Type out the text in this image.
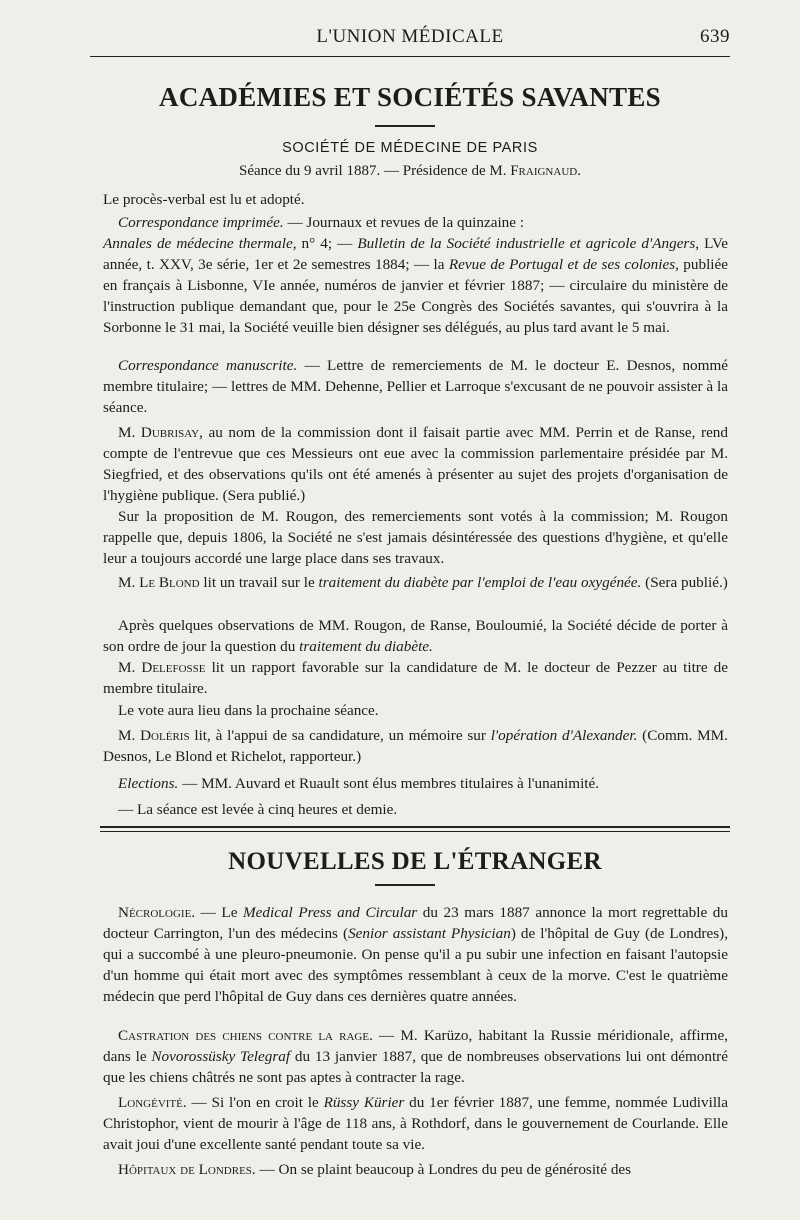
L'UNION MÉDICALE	639
ACADÉMIES ET SOCIÉTÉS SAVANTES
SOCIÉTÉ DE MÉDECINE DE PARIS
Séance du 9 avril 1887. — Présidence de M. Fraignaud.
Le procès-verbal est lu et adopté.
Correspondance imprimée. — Journaux et revues de la quinzaine :
Annales de médecine thermale, n° 4; — Bulletin de la Société industrielle et agricole d'Angers, LVe année, t. XXV, 3e série, 1er et 2e semestres 1884; — la Revue de Portugal et de ses colonies, publiée en français à Lisbonne, VIe année, numéros de janvier et février 1887; — circulaire du ministère de l'instruction publique demandant que, pour le 25e Congrès des Sociétés savantes, qui s'ouvrira à la Sorbonne le 31 mai, la Société veuille bien désigner ses délégués, au plus tard avant le 5 mai.
Correspondance manuscrite. — Lettre de remerciements de M. le docteur E. Desnos, nommé membre titulaire; — lettres de MM. Dehenne, Pellier et Larroque s'excusant de ne pouvoir assister à la séance.
M. Dubrisay, au nom de la commission dont il faisait partie avec MM. Perrin et de Ranse, rend compte de l'entrevue que ces Messieurs ont eue avec la commission parlementaire présidée par M. Siegfried, et des observations qu'ils ont été amenés à présenter au sujet des projets d'organisation de l'hygiène publique. (Sera publié.)
Sur la proposition de M. Rougon, des remerciements sont votés à la commission; M. Rougon rappelle que, depuis 1806, la Société ne s'est jamais désintéressée des questions d'hygiène, et qu'elle leur a toujours accordé une large place dans ses travaux.
M. Le Blond lit un travail sur le traitement du diabète par l'emploi de l'eau oxygénée. (Sera publié.)
Après quelques observations de MM. Rougon, de Ranse, Bouloumié, la Société décide de porter à son ordre de jour la question du traitement du diabète.
M. Delefosse lit un rapport favorable sur la candidature de M. le docteur de Pezzer au titre de membre titulaire.
Le vote aura lieu dans la prochaine séance.
M. Doléris lit, à l'appui de sa candidature, un mémoire sur l'opération d'Alexander. (Comm. MM. Desnos, Le Blond et Richelot, rapporteur.)
Elections. — MM. Auvard et Ruault sont élus membres titulaires à l'unanimité.
— La séance est levée à cinq heures et demie.
NOUVELLES DE L'ÉTRANGER
Nécrologie. — Le Medical Press and Circular du 23 mars 1887 annonce la mort regrettable du docteur Carrington, l'un des médecins (Senior assistant Physician) de l'hôpital de Guy (de Londres), qui a succombé à une pleuro-pneumonie. On pense qu'il a pu subir une infection en faisant l'autopsie d'un homme qui était mort avec des symptômes ressemblant à ceux de la morve. C'est le quatrième médecin que perd l'hôpital de Guy dans ces dernières quatre années.
Castration des chiens contre la rage. — M. Karüzo, habitant la Russie méridionale, affirme, dans le Novorossüsky Telegraf du 13 janvier 1887, que de nombreuses observations lui ont démontré que les chiens châtrés ne sont pas aptes à contracter la rage.
Longévité. — Si l'on en croit le Rüssy Kürier du 1er février 1887, une femme, nommée Ludivilla Christophor, vient de mourir à l'âge de 118 ans, à Rothdorf, dans le gouvernement de Courlande. Elle avait joui d'une excellente santé pendant toute sa vie.
Hôpitaux de Londres. — On se plaint beaucoup à Londres du peu de générosité des
